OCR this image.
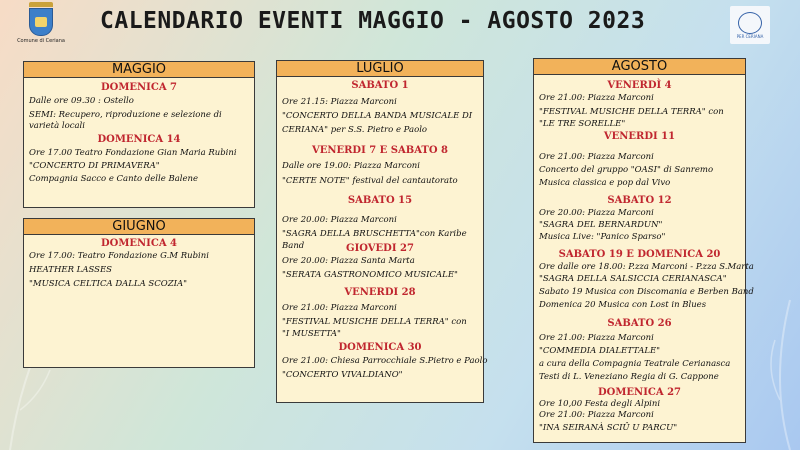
Comune di Ceriana
PER CERIANA
CALENDARIO EVENTI MAGGIO - AGOSTO 2023
MAGGIO
DOMENICA 7
Dalle ore 09.30 : Ostello
SEMI: Recupero, riproduzione e selezione di varietà locali
DOMENICA 14
Ore 17.00 Teatro Fondazione Gian Maria Rubini
"CONCERTO DI PRIMAVERA"
Compagnia Sacco e Canto delle Balene
GIUGNO
DOMENICA 4
Ore 17.00: Teatro Fondazione G.M Rubini
HEATHER LASSES
"MUSICA CELTICA DALLA SCOZIA"
LUGLIO
SABATO 1
Ore 21.15: Piazza Marconi
"CONCERTO DELLA BANDA MUSICALE DI
CERIANA" per S.S. Pietro e Paolo
VENERDI 7 E SABATO 8
Dalle ore 19.00: Piazza Marconi
"CERTE NOTE" festival del cantautorato
SABATO 15
Ore 20.00: Piazza Marconi
"SAGRA DELLA BRUSCHETTA"con Karibe
Band	GIOVEDI 27
Ore 20.00: Piazza Santa Marta
"SERATA GASTRONOMICO MUSICALE"
VENERDI 28
Ore 21.00: Piazza Marconi
"FESTIVAL MUSICHE DELLA TERRA" con
"I MUSETTA"
DOMENICA 30
Ore 21.00: Chiesa Parrocchiale S.Pietro e Paolo
"CONCERTO VIVALDIANO"
AGOSTO
VENERDÌ 4
Ore 21.00: Piazza Marconi
"FESTIVAL MUSICHE DELLA TERRA" con
"LE TRE SORELLE"
VENERDI 11
Ore 21.00: Piazza Marconi
Concerto del gruppo "OASI" di Sanremo
Musica classica e pop dal Vivo
SABATO 12
Ore 20.00: Piazza Marconi
"SAGRA DEL BERNARDUN"
Musica Live: "Panico Sparso"
SABATO 19 E DOMENICA 20
Ore dalle ore 18.00: P.zza Marconi - P.zza S.Marta
"SAGRA DELLA SALSICCIA CERIANASCA"
Sabato 19 Musica con Discomania e Berben Band
Domenica 20 Musica con Lost in Blues
SABATO 26
Ore 21.00: Piazza Marconi
"COMMEDIA DIALETTALE"
a cura della Compagnia Teatrale Cerianasca
Testi di L. Veneziano Regia di G. Cappone
DOMENICA 27
Ore 10,00 Festa degli Alpini
Ore 21.00: Piazza Marconi
"INA SEIRANÀ SCIÛ U PARCU"
